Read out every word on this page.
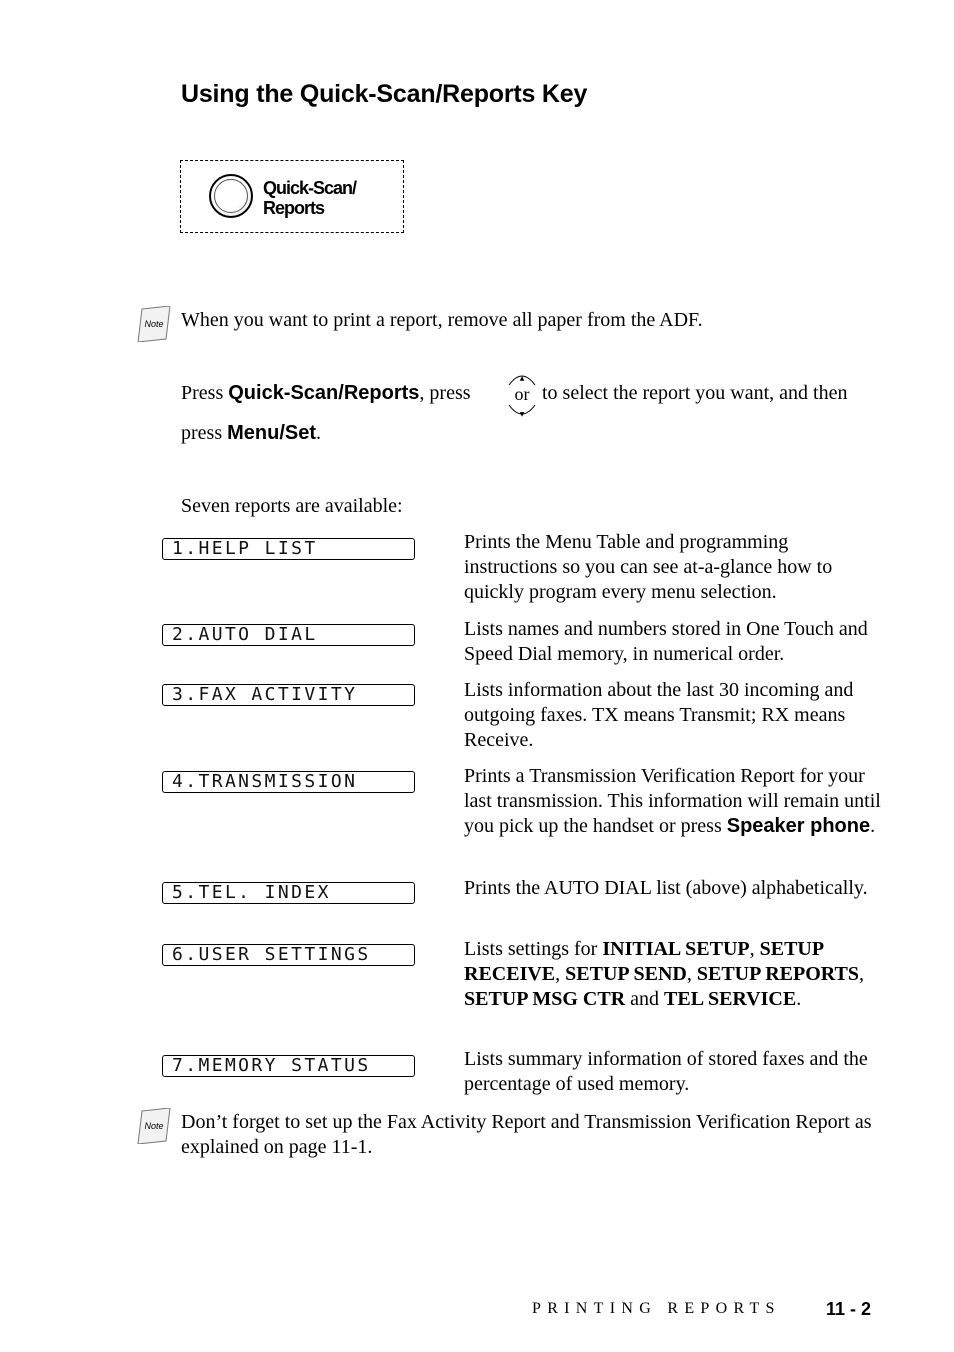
Using the Quick-Scan/Reports Key
Quick-Scan/
Reports
Note When you want to print a report, remove all paper from the ADF.
Press Quick-Scan/Reports, press
▲
▼
or to select the report you want, and then
press Menu/Set.
Seven reports are available:
1.HELP LIST	Prints the Menu Table and programming instructions so you can see at-a-glance how to quickly program every menu selection.
2.AUTO DIAL	Lists names and numbers stored in One Touch and Speed Dial memory, in numerical order.
3.FAX ACTIVITY	Lists information about the last 30 incoming and outgoing faxes. TX means Transmit; RX means Receive.
4.TRANSMISSION	Prints a Transmission Verification Report for your last transmission. This information will remain until you pick up the handset or press Speaker phone.
5.TEL. INDEX	Prints the AUTO DIAL list (above) alphabetically.
6.USER SETTINGS	Lists settings for INITIAL SETUP, SETUP RECEIVE, SETUP SEND, SETUP REPORTS, SETUP MSG CTR and TEL SERVICE.
7.MEMORY STATUS	Lists summary information of stored faxes and the percentage of used memory.
Note Don’t forget to set up the Fax Activity Report and Transmission Verification Report as explained on page 11-1.
PRINTING REPORTS	11 - 2
